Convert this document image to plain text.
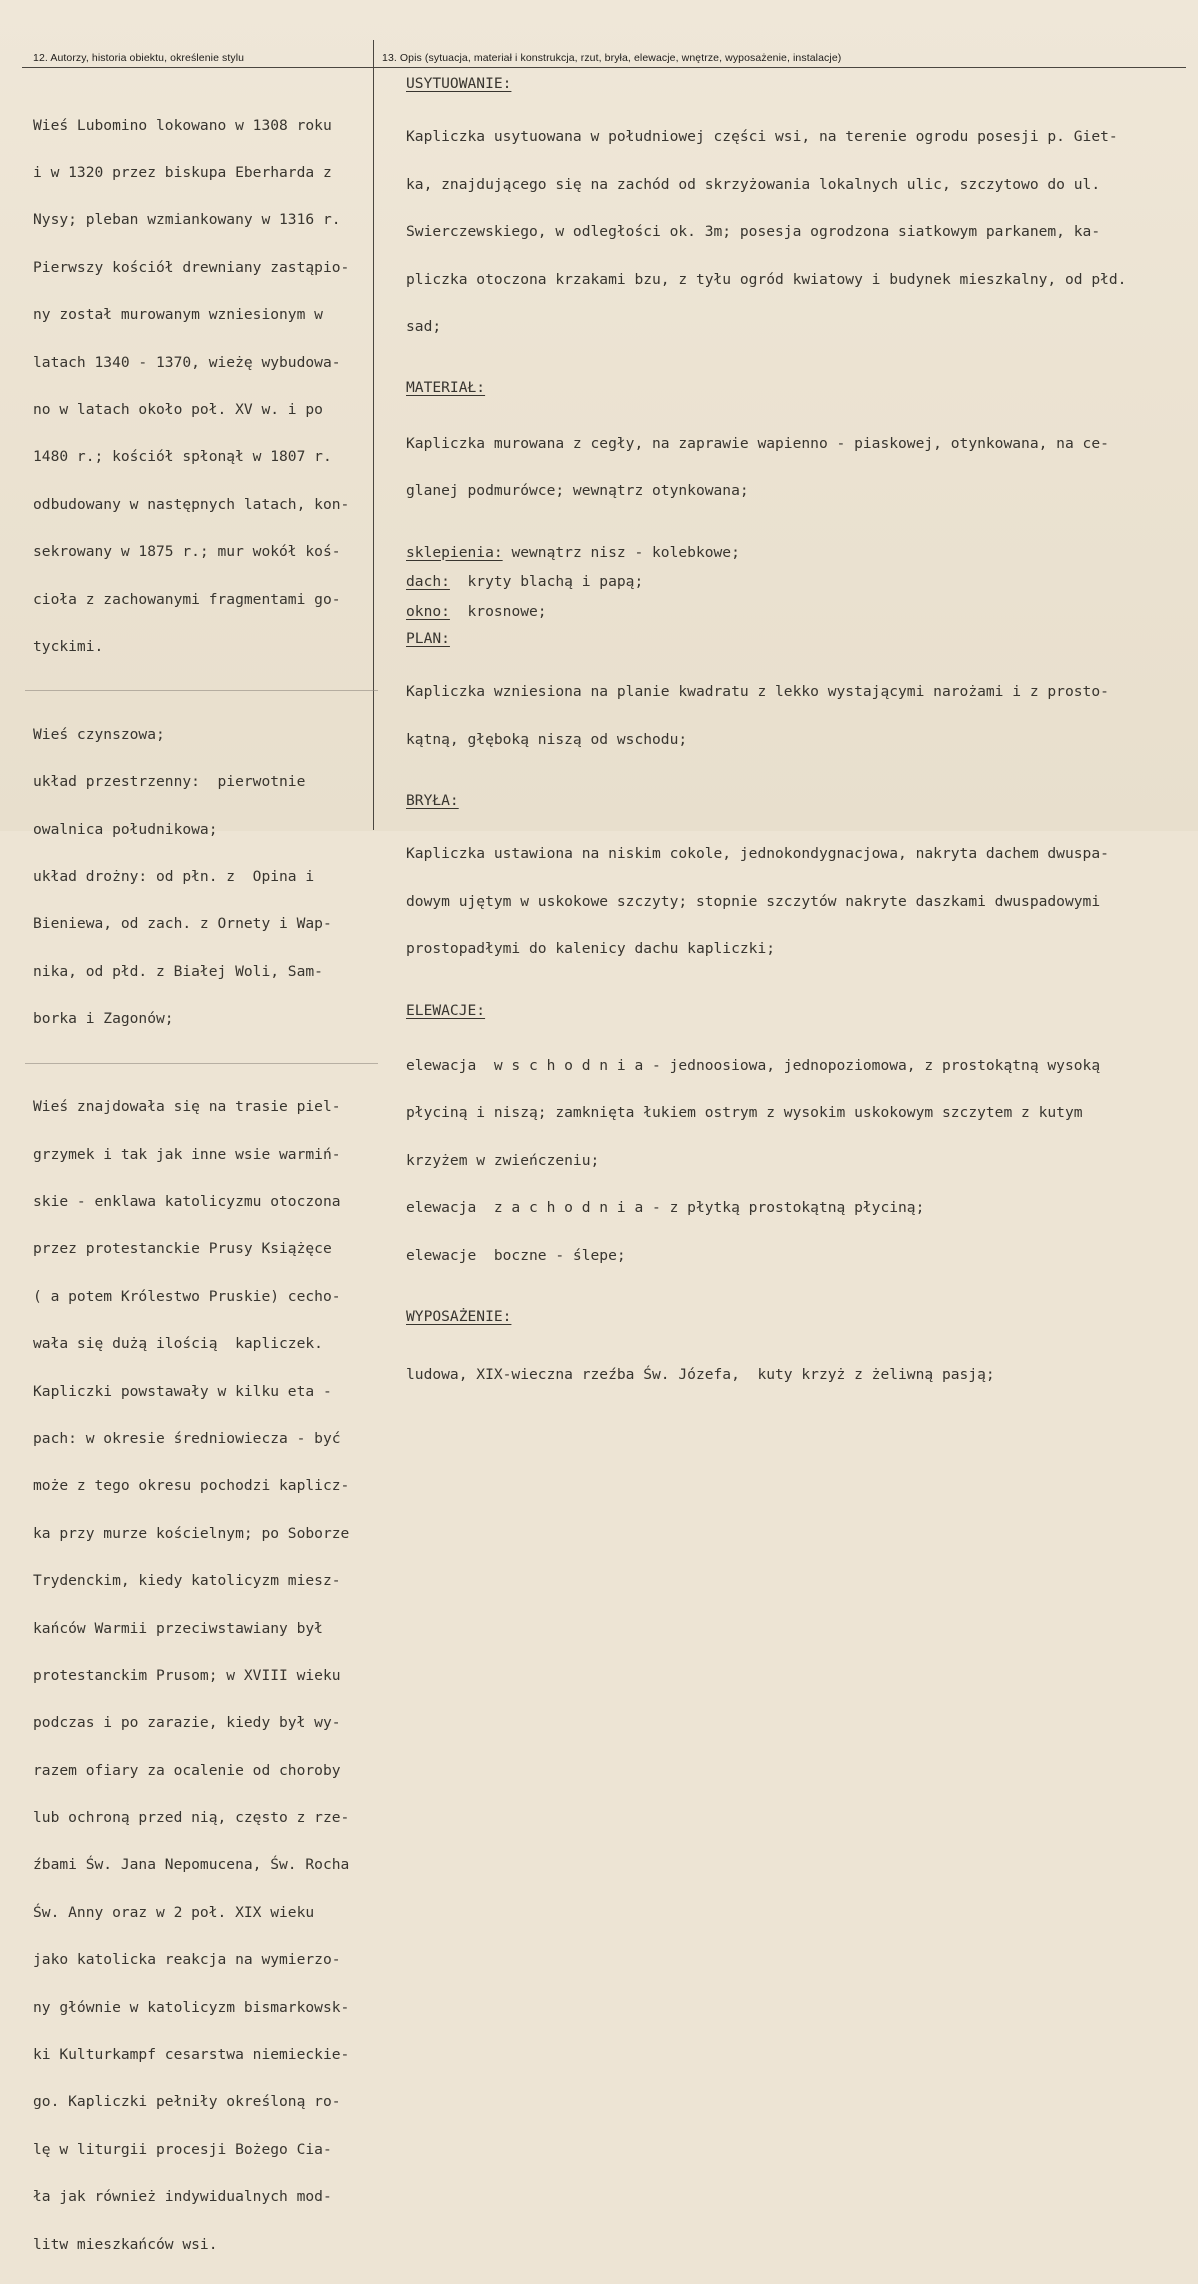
12. Autorzy, historia obiektu, określenie stylu	13. Opis (sytuacja, materiał i konstrukcja, rzut, bryła, elewacje, wnętrze, wyposażenie, instalacje)

Wieś Lubomino lokowano w 1308 roku

i w 1320 przez biskupa Eberharda z

Nysy; pleban wzmiankowany w 1316 r.

Pierwszy kościół drewniany zastąpio-

ny został murowanym wzniesionym w

latach 1340 - 1370, wieżę wybudowa-

no w latach około poł. XV w. i po

1480 r.; kościół spłonął w 1807 r.

odbudowany w następnych latach, kon-

sekrowany w 1875 r.; mur wokół koś-

cioła z zachowanymi fragmentami go-

tyckimi.

Wieś czynszowa;

układ przestrzenny:  pierwotnie

owalnica południkowa;

układ drożny: od płn. z  Opina i

Bieniewa, od zach. z Ornety i Wap-

nika, od płd. z Białej Woli, Sam-

borka i Zagonów;

Wieś znajdowała się na trasie piel-

grzymek i tak jak inne wsie warmiń-

skie - enklawa katolicyzmu otoczona

przez protestanckie Prusy Książęce

( a potem Królestwo Pruskie) cecho-

wała się dużą ilością  kapliczek.

Kapliczki powstawały w kilku eta -

pach: w okresie średniowiecza - być

może z tego okresu pochodzi kaplicz-

ka przy murze kościelnym; po Soborze

Trydenckim, kiedy katolicyzm miesz-

kańców Warmii przeciwstawiany był

protestanckim Prusom; w XVIII wieku

podczas i po zarazie, kiedy był wy-

razem ofiary za ocalenie od choroby

lub ochroną przed nią, często z rze-

źbami Św. Jana Nepomucena, Św. Rocha

Św. Anny oraz w 2 poł. XIX wieku

jako katolicka reakcja na wymierzo-

ny głównie w katolicyzm bismarkowsk-

ki Kulturkampf cesarstwa niemieckie-

go. Kapliczki pełniły określoną ro-

lę w liturgii procesji Bożego Cia-

ła jak również indywidualnych mod-

litw mieszkańców wsi.

USYTUOWANIE:

Kapliczka usytuowana w południowej części wsi, na terenie ogrodu posesji p. Giet-

ka, znajdującego się na zachód od skrzyżowania lokalnych ulic, szczytowo do ul.

Swierczewskiego, w odległości ok. 3m; posesja ogrodzona siatkowym parkanem, ka-

pliczka otoczona krzakami bzu, z tyłu ogród kwiatowy i budynek mieszkalny, od płd.

sad;

MATERIAŁ:

Kapliczka murowana z cegły, na zaprawie wapienno - piaskowej, otynkowana, na ce-

glanej podmurówce; wewnątrz otynkowana;

sklepienia: wewnątrz nisz - kolebkowe;
dach:  kryty blachą i papą;
okno:  krosnowe;
PLAN:

Kapliczka wzniesiona na planie kwadratu z lekko wystającymi narożami i z prosto-

kątną, głęboką niszą od wschodu;

BRYŁA:

Kapliczka ustawiona na niskim cokole, jednokondygnacjowa, nakryta dachem dwuspa-

dowym ujętym w uskokowe szczyty; stopnie szczytów nakryte daszkami dwuspadowymi

prostopadłymi do kalenicy dachu kapliczki;

ELEWACJE:

elewacja  w s c h o d n i a - jednoosiowa, jednopoziomowa, z prostokątną wysoką

płyciną i niszą; zamknięta łukiem ostrym z wysokim uskokowym szczytem z kutym

krzyżem w zwieńczeniu;

elewacja  z a c h o d n i a - z płytką prostokątną płyciną;

elewacje  boczne - ślepe;

WYPOSAŻENIE:

ludowa, XIX-wieczna rzeźba Św. Józefa,  kuty krzyż z żeliwną pasją;
